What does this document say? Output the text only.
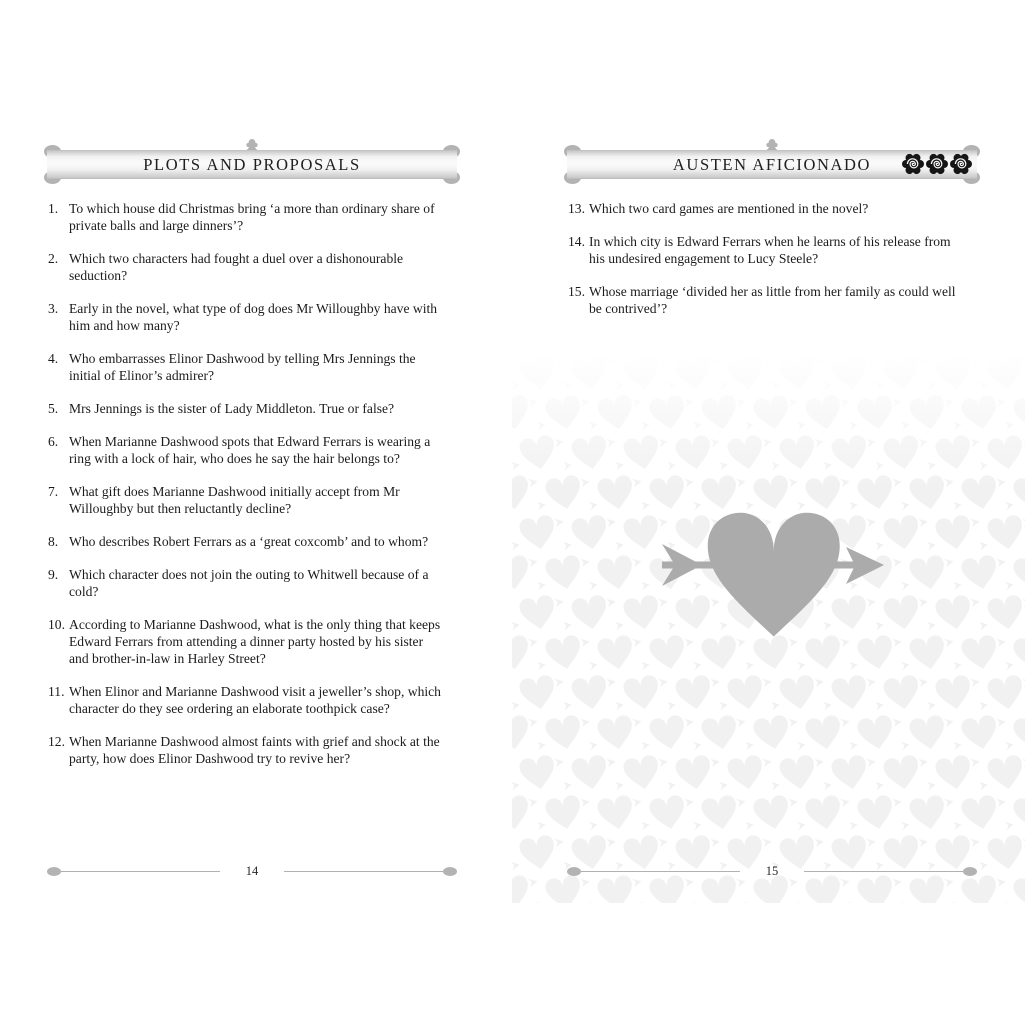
PLOTS AND PROPOSALS
1. To which house did Christmas bring ‘a more than ordinary share of private balls and large dinners’?
2. Which two characters had fought a duel over a dishonourable seduction?
3. Early in the novel, what type of dog does Mr Willoughby have with him and how many?
4. Who embarrasses Elinor Dashwood by telling Mrs Jennings the initial of Elinor’s admirer?
5. Mrs Jennings is the sister of Lady Middleton. True or false?
6. When Marianne Dashwood spots that Edward Ferrars is wearing a ring with a lock of hair, who does he say the hair belongs to?
7. What gift does Marianne Dashwood initially accept from Mr Willoughby but then reluctantly decline?
8. Who describes Robert Ferrars as a ‘great coxcomb’ and to whom?
9. Which character does not join the outing to Whitwell because of a cold?
10. According to Marianne Dashwood, what is the only thing that keeps Edward Ferrars from attending a dinner party hosted by his sister and brother-in-law in Harley Street?
11. When Elinor and Marianne Dashwood visit a jeweller’s shop, which character do they see ordering an elaborate toothpick case?
12. When Marianne Dashwood almost faints with grief and shock at the party, how does Elinor Dashwood try to revive her?
14
AUSTEN AFICIONADO
13. Which two card games are mentioned in the novel?
14. In which city is Edward Ferrars when he learns of his release from his undesired engagement to Lucy Steele?
15. Whose marriage ‘divided her as little from her family as could well be contrived’?
15
